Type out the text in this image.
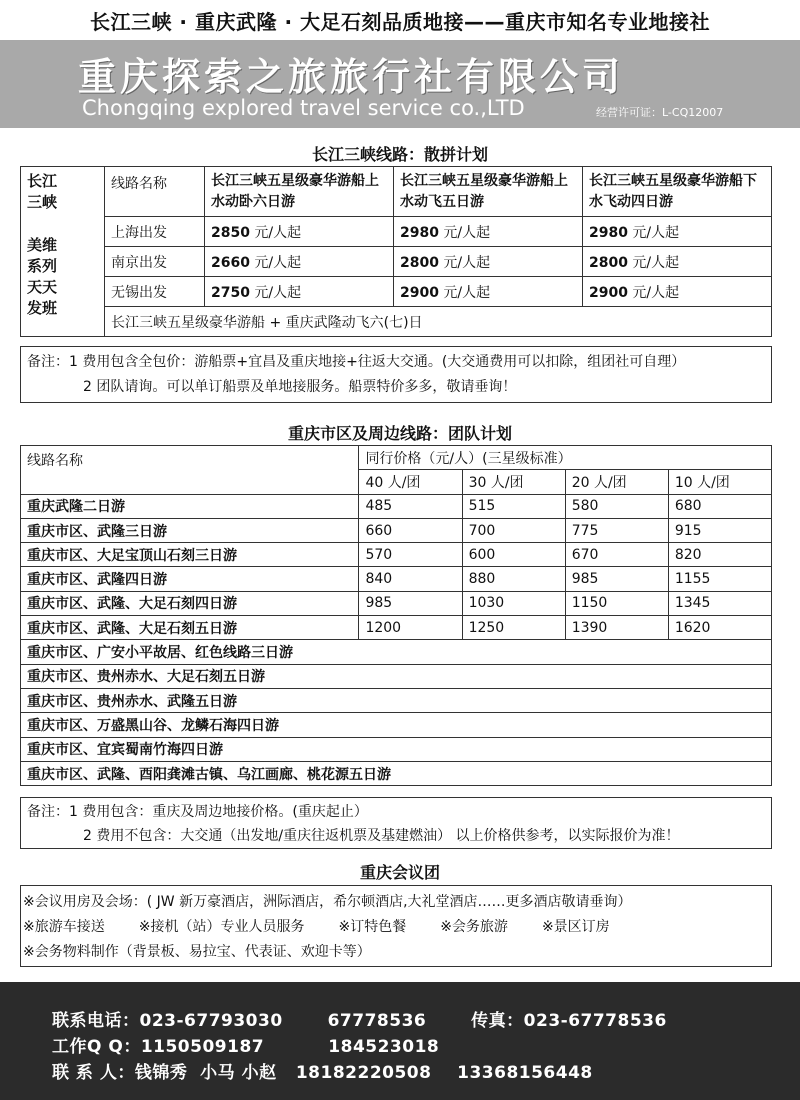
长江三峡 · 重庆武隆 · 大足石刻品质地接——重庆市知名专业地接社
重庆探索之旅旅行社有限公司
Chongqing explored travel service co.,LTD	经营许可证：L-CQ12007
长江三峡线路：散拼计划
长江三峡
美维系列天天发班	线路名称	长江三峡五星级豪华游船上水动卧六日游	长江三峡五星级豪华游船上水动飞五日游	长江三峡五星级豪华游船下水飞动四日游
	上海出发	2850 元/人起	2980 元/人起	2980 元/人起
	南京出发	2660 元/人起	2800 元/人起	2800 元/人起
	无锡出发	2750 元/人起	2900 元/人起	2900 元/人起
	长江三峡五星级豪华游船 + 重庆武隆动飞六(七)日			
备注：1 费用包含全包价：游船票+宜昌及重庆地接+往返大交通。(大交通费用可以扣除，组团社可自理）
2 团队请询。可以单订船票及单地接服务。船票特价多多，敬请垂询！
重庆市区及周边线路：团队计划
线路名称	同行价格（元/人）(三星级标准）			
	40 人/团	30 人/团	20 人/团	10 人/团
重庆武隆二日游	485	515	580	680
重庆市区、武隆三日游	660	700	775	915
重庆市区、大足宝顶山石刻三日游	570	600	670	820
重庆市区、武隆四日游	840	880	985	1155
重庆市区、武隆、大足石刻四日游	985	1030	1150	1345
重庆市区、武隆、大足石刻五日游	1200	1250	1390	1620
重庆市区、广安小平故居、红色线路三日游				
重庆市区、贵州赤水、大足石刻五日游				
重庆市区、贵州赤水、武隆五日游				
重庆市区、万盛黑山谷、龙鳞石海四日游				
重庆市区、宜宾蜀南竹海四日游				
重庆市区、武隆、酉阳龚滩古镇、乌江画廊、桃花源五日游				
备注：1 费用包含：重庆及周边地接价格。(重庆起止）
2 费用不包含：大交通（出发地/重庆往返机票及基建燃油） 以上价格供参考，以实际报价为准！
重庆会议团
※会议用房及会场：( JW 新万豪酒店，洲际酒店，希尔顿酒店,大礼堂酒店……更多酒店敬请垂询）
※旅游车接送 ※接机（站）专业人员服务 ※订特色餐 ※会务旅游 ※景区订房
※会务物料制作（背景板、易拉宝、代表证、欢迎卡等）
联系电话：023-67793030       67778536       传真：023-67778536
工作Q Q：1150509187          184523018
联 系 人：钱锦秀  小马 小赵   18182220508    13368156448
